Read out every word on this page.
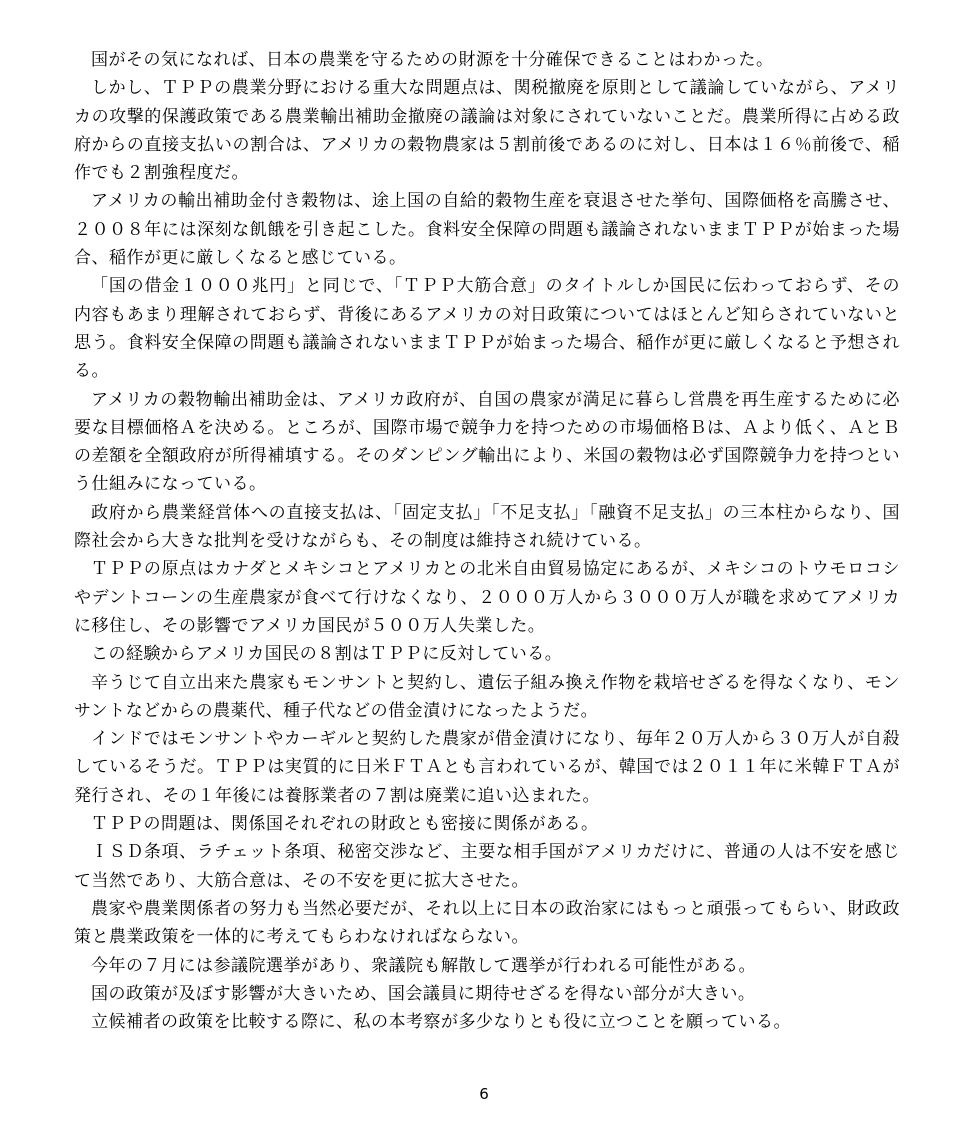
国がその気になれば、日本の農業を守るための財源を十分確保できることはわかった。

しかし、ＴＰＰの農業分野における重大な問題点は、関税撤廃を原則として議論していながら、アメリカの攻撃的保護政策である農業輸出補助金撤廃の議論は対象にされていないことだ。農業所得に占める政府からの直接支払いの割合は、アメリカの穀物農家は５割前後であるのに対し、日本は１６％前後で、稲作でも２割強程度だ。

アメリカの輸出補助金付き穀物は、途上国の自給的穀物生産を衰退させた挙句、国際価格を高騰させ、２００８年には深刻な飢餓を引き起こした。食料安全保障の問題も議論されないままＴＰＰが始まった場合、稲作が更に厳しくなると感じている。

「国の借金１０００兆円」と同じで、「ＴＰＰ大筋合意」のタイトルしか国民に伝わっておらず、その内容もあまり理解されておらず、背後にあるアメリカの対日政策についてはほとんど知らされていないと思う。食料安全保障の問題も議論されないままＴＰＰが始まった場合、稲作が更に厳しくなると予想される。

アメリカの穀物輸出補助金は、アメリカ政府が、自国の農家が満足に暮らし営農を再生産するために必要な目標価格Ａを決める。ところが、国際市場で競争力を持つための市場価格Ｂは、Ａより低く、ＡとＢの差額を全額政府が所得補填する。そのダンピング輸出により、米国の穀物は必ず国際競争力を持つという仕組みになっている。

政府から農業経営体への直接支払は、「固定支払」「不足支払」「融資不足支払」の三本柱からなり、国際社会から大きな批判を受けながらも、その制度は維持され続けている。

ＴＰＰの原点はカナダとメキシコとアメリカとの北米自由貿易協定にあるが、メキシコのトウモロコシやデントコーンの生産農家が食べて行けなくなり、２０００万人から３０００万人が職を求めてアメリカに移住し、その影響でアメリカ国民が５００万人失業した。

この経験からアメリカ国民の８割はＴＰＰに反対している。

辛うじて自立出来た農家もモンサントと契約し、遺伝子組み換え作物を栽培せざるを得なくなり、モンサントなどからの農薬代、種子代などの借金漬けになったようだ。

インドではモンサントやカーギルと契約した農家が借金漬けになり、毎年２０万人から３０万人が自殺しているそうだ。ＴＰＰは実質的に日米ＦＴＡとも言われているが、韓国では２０１１年に米韓ＦＴＡが発行され、その１年後には養豚業者の７割は廃業に追い込まれた。

ＴＰＰの問題は、関係国それぞれの財政とも密接に関係がある。

ＩＳＤ条項、ラチェット条項、秘密交渉など、主要な相手国がアメリカだけに、普通の人は不安を感じて当然であり、大筋合意は、その不安を更に拡大させた。

農家や農業関係者の努力も当然必要だが、それ以上に日本の政治家にはもっと頑張ってもらい、財政政策と農業政策を一体的に考えてもらわなければならない。

今年の７月には参議院選挙があり、衆議院も解散して選挙が行われる可能性がある。

国の政策が及ぼす影響が大きいため、国会議員に期待せざるを得ない部分が大きい。

立候補者の政策を比較する際に、私の本考察が多少なりとも役に立つことを願っている。

6
